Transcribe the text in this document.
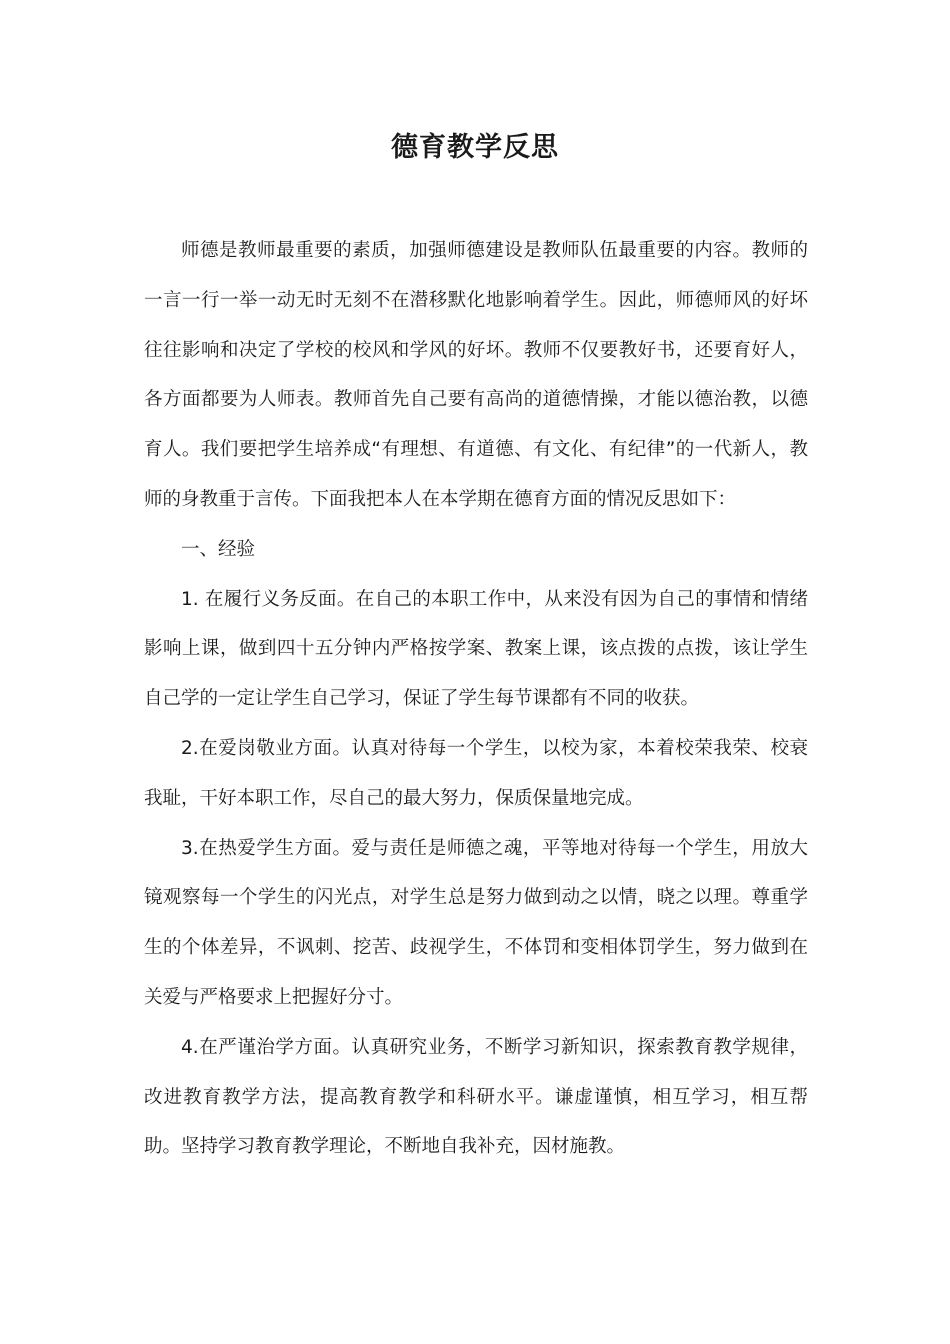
德育教学反思

师德是教师最重要的素质，加强师德建设是教师队伍最重要的内容。教师的一言一行一举一动无时无刻不在潜移默化地影响着学生。因此，师德师风的好坏往往影响和决定了学校的校风和学风的好坏。教师不仅要教好书，还要育好人，各方面都要为人师表。教师首先自己要有高尚的道德情操，才能以德治教，以德育人。我们要把学生培养成“有理想、有道德、有文化、有纪律”的一代新人，教师的身教重于言传。下面我把本人在本学期在德育方面的情况反思如下：

一、经验

1. 在履行义务反面。在自己的本职工作中，从来没有因为自己的事情和情绪影响上课，做到四十五分钟内严格按学案、教案上课，该点拨的点拨，该让学生自己学的一定让学生自己学习，保证了学生每节课都有不同的收获。

2.在爱岗敬业方面。认真对待每一个学生，以校为家，本着校荣我荣、校衰我耻，干好本职工作，尽自己的最大努力，保质保量地完成。

3.在热爱学生方面。爱与责任是师德之魂，平等地对待每一个学生，用放大镜观察每一个学生的闪光点，对学生总是努力做到动之以情，晓之以理。尊重学生的个体差异，不讽刺、挖苦、歧视学生，不体罚和变相体罚学生，努力做到在关爱与严格要求上把握好分寸。

4.在严谨治学方面。认真研究业务，不断学习新知识，探索教育教学规律，改进教育教学方法，提高教育教学和科研水平。谦虚谨慎，相互学习，相互帮助。坚持学习教育教学理论，不断地自我补充，因材施教。
